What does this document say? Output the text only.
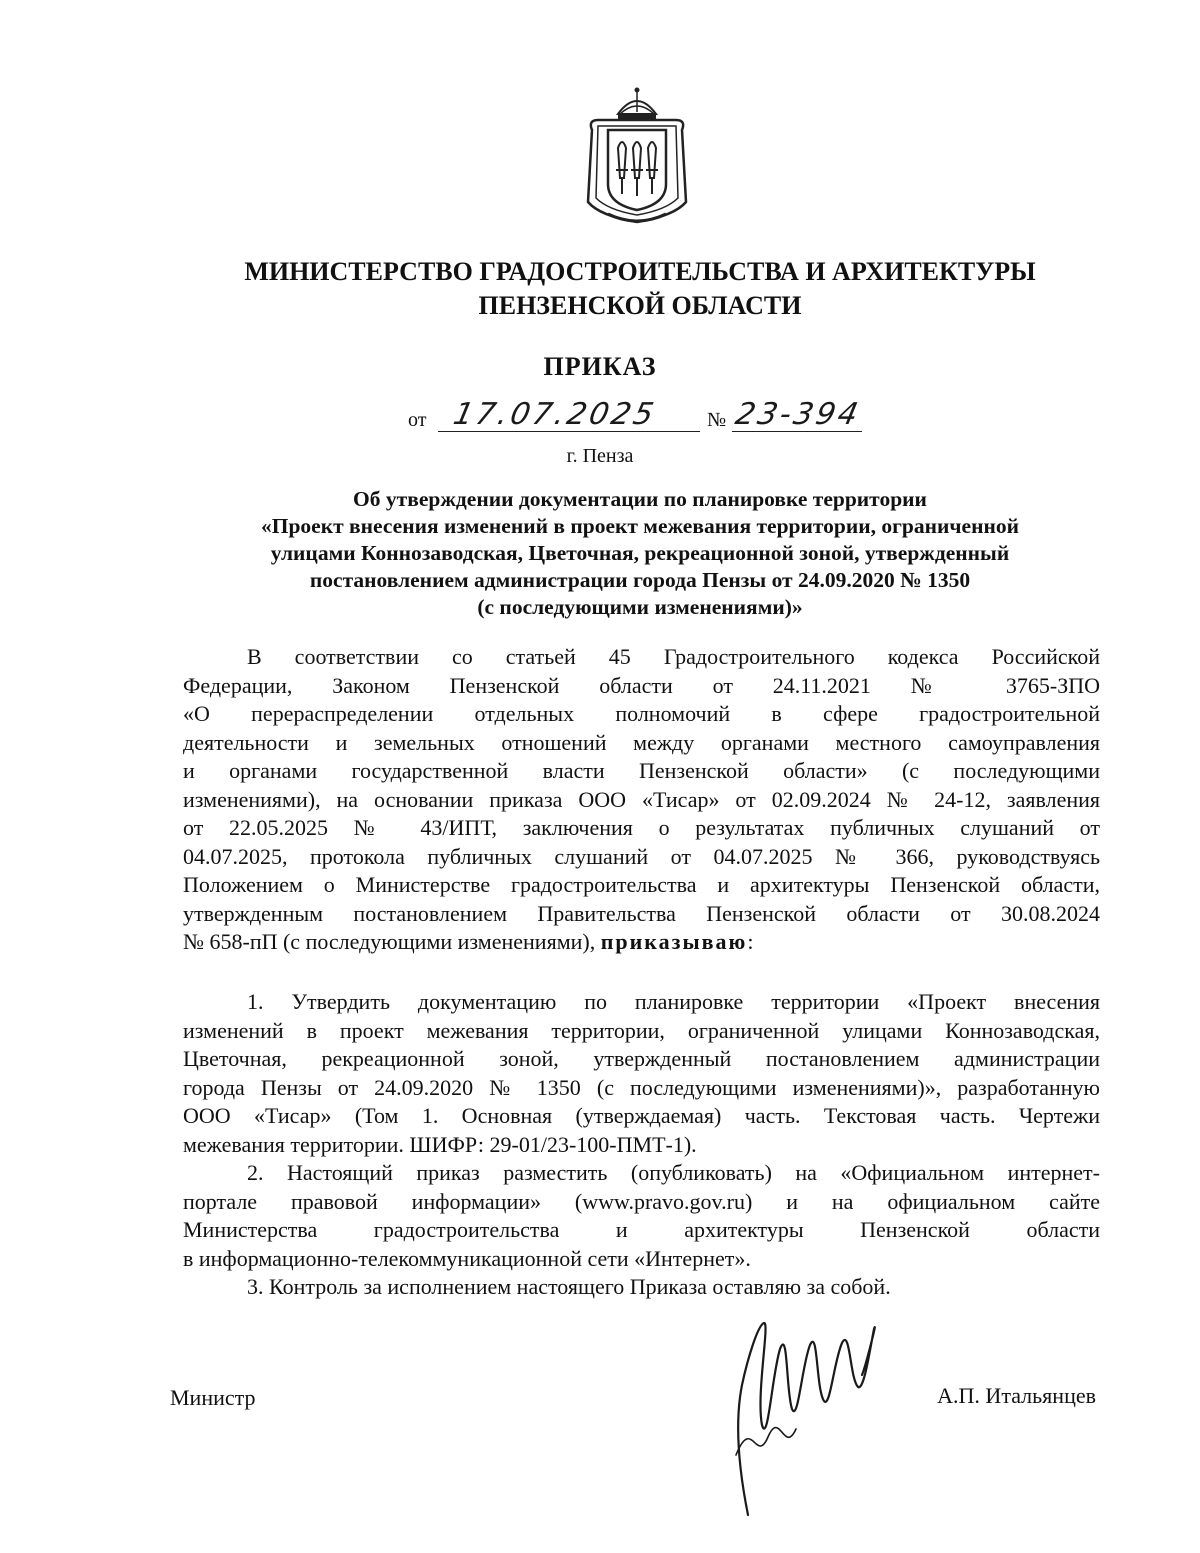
МИНИСТЕРСТВО ГРАДОСТРОИТЕЛЬСТВА И АРХИТЕКТУРЫ
ПЕНЗЕНСКОЙ ОБЛАСТИ
ПРИКАЗ
от 17.07.2025 № 23-394
г. Пенза
Об утверждении документации по планировке территории
«Проект внесения изменений в проект межевания территории, ограниченной
улицами Коннозаводская, Цветочная, рекреационной зоной, утвержденный
постановлением администрации города Пензы от 24.09.2020 № 1350
(с последующими изменениями)»
В соответствии со статьей 45 Градостроительного кодекса Российской
Федерации, Законом Пензенской области от 24.11.2021 № 3765-ЗПО
«О перераспределении отдельных полномочий в сфере градостроительной
деятельности и земельных отношений между органами местного самоуправления
и органами государственной власти Пензенской области» (с последующими
изменениями), на основании приказа ООО «Тисар» от 02.09.2024 № 24-12, заявления
от 22.05.2025 № 43/ИПТ, заключения о результатах публичных слушаний от
04.07.2025, протокола публичных слушаний от 04.07.2025 № 366, руководствуясь
Положением о Министерстве градостроительства и архитектуры Пензенской области,
утвержденным постановлением Правительства Пензенской области от 30.08.2024
№ 658-пП (с последующими изменениями), приказываю:
1. Утвердить документацию по планировке территории «Проект внесения
изменений в проект межевания территории, ограниченной улицами Коннозаводская,
Цветочная, рекреационной зоной, утвержденный постановлением администрации
города Пензы от 24.09.2020 № 1350 (с последующими изменениями)», разработанную
ООО «Тисар» (Том 1. Основная (утверждаемая) часть. Текстовая часть. Чертежи
межевания территории. ШИФР: 29-01/23-100-ПМТ-1).
2. Настоящий приказ разместить (опубликовать) на «Официальном интернет-
портале правовой информации» (www.pravo.gov.ru) и на официальном сайте
Министерства градостроительства и архитектуры Пензенской области
в информационно-телекоммуникационной сети «Интернет».
3. Контроль за исполнением настоящего Приказа оставляю за собой.
Министр	А.П. Итальянцев
